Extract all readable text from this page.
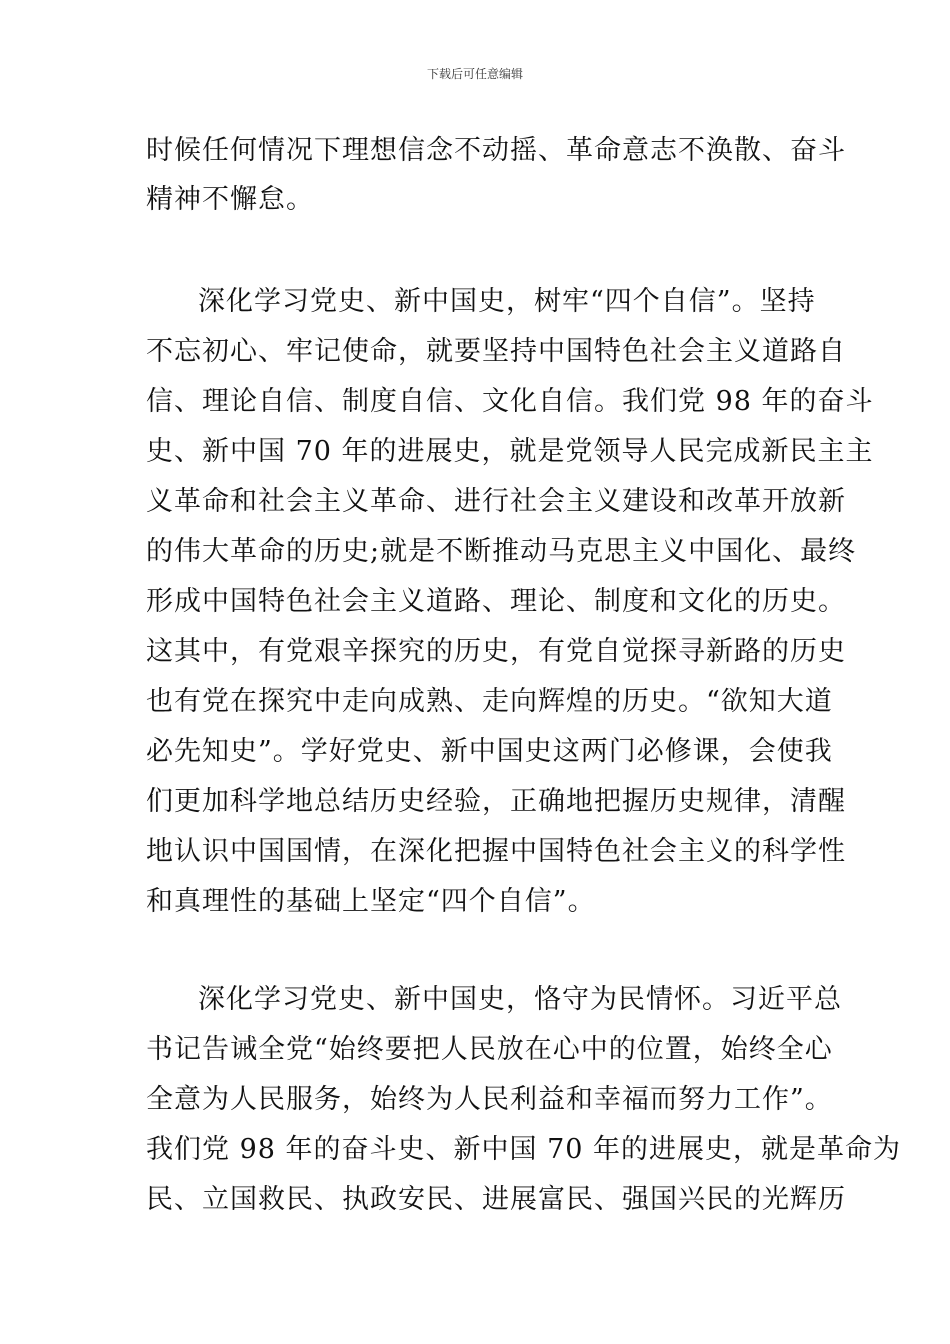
下载后可任意编辑
时候任何情况下理想信念不动摇、革命意志不涣散、奋斗
精神不懈怠。
深化学习党史、新中国史，树牢“四个自信”。坚持
不忘初心、牢记使命，就要坚持中国特色社会主义道路自
信、理论自信、制度自信、文化自信。我们党 98 年的奋斗
史、新中国 70 年的进展史，就是党领导人民完成新民主主
义革命和社会主义革命、进行社会主义建设和改革开放新
的伟大革命的历史;就是不断推动马克思主义中国化、最终
形成中国特色社会主义道路、理论、制度和文化的历史。
这其中，有党艰辛探究的历史，有党自觉探寻新路的历史
也有党在探究中走向成熟、走向辉煌的历史。“欲知大道
必先知史”。学好党史、新中国史这两门必修课，会使我
们更加科学地总结历史经验，正确地把握历史规律，清醒
地认识中国国情，在深化把握中国特色社会主义的科学性
和真理性的基础上坚定“四个自信”。
深化学习党史、新中国史，恪守为民情怀。习近平总
书记告诫全党“始终要把人民放在心中的位置，始终全心
全意为人民服务，始终为人民利益和幸福而努力工作”。
我们党 98 年的奋斗史、新中国 70 年的进展史，就是革命为
民、立国救民、执政安民、进展富民、强国兴民的光辉历
